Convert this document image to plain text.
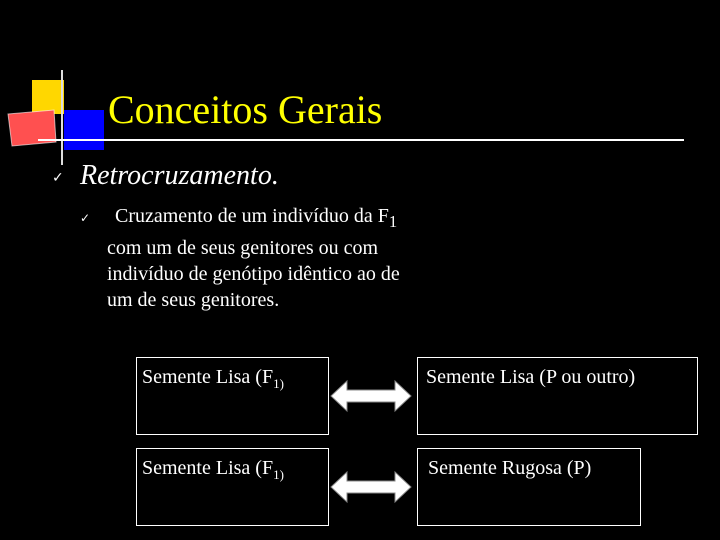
Conceitos Gerais
✓ Retrocruzamento.
✓	Cruzamento de um indivíduo da $F_1$
com um de seus genitores ou com
indivíduo de genótipo idêntico ao de
um de seus genitores.
Semente Lisa ($F_{1)}$	Semente Lisa (P ou outro)
Semente Lisa ($F_{1)}$	Semente Rugosa (P)
